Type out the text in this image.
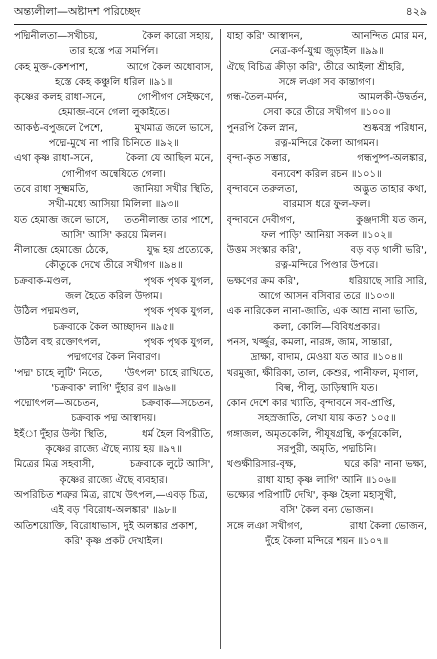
অন্ত্যলীলা—অষ্টাদশ পরিচ্ছেদ	৪২৯
পদ্মিনীলতা—সখীচয়,	কৈল কারো সহায়,
তার হস্তে পত্র সমর্পিল।
কেহ মুক্ত-কেশপাশ,	আগে কৈল অধোবাস,
হস্তে কেহ কঞ্চুলি ধরিল ॥৯১॥
কৃষ্ণের কলহ রাধা-সনে,	গোপীগণ সেইক্ষণে,
হেমাব্জ-বনে গেলা লুকাইতে।
আকণ্ঠ-বপুজলে পৈশে,	মুখমাত্র জলে ভাসে,
পদ্মে-মুখে না পারি চিনিতে ॥৯২॥
এথা কৃষ্ণ রাধা-সনে,	কৈলা যে আছিল মনে,
গোপীগণ অন্বেষিতে গেলা।
তবে রাধা সূক্ষ্মমতি,	জানিয়া সখীর স্থিতি,
সখী-মধ্যে আসিয়া মিলিলা ॥৯৩॥
যত হেমাব্জ জলে ভাসে, ততনীলাব্জ তার পাশে,
আসি' আসি' করয়ে মিলন।
নীলাব্জে হেমাব্জে ঠেকে,	যুদ্ধ হয় প্রত্যেকে,
কৌতুকে দেখে তীরে সখীগণ ॥৯৪॥
চক্রবাক-মণ্ডল,	পৃথক পৃথক যুগল,
জল হৈতে করিল উদ্গম।
উঠিল পদ্মমণ্ডল,	পৃথক পৃথক যুগল,
চক্রবাকে কৈল আচ্ছাদন ॥৯৫॥
উঠিল বহু রক্তোৎপল,	পৃথক পৃথক যুগল,
পদ্মগণের কৈল নিবারণ।
'পদ্ম' চাহে লুটি' নিতে, 'উৎপল' চাহে রাখিতে,
'চক্রবাক' লাগি' দুঁহার রণ ॥৯৬॥
পদ্মোৎপল—অচেতন,	চক্রবাক—সচেতন,
চক্রবাক পদ্ম আস্বাদয়।
ইহঁা দুঁহার উল্টা স্থিতি,	ধর্ম হৈল বিপরীতি,
কৃষ্ণের রাজ্যে ঐছে ন্যায় হয় ॥৯৭॥
মিত্রের মিত্র সহবাসী,	চক্রবাকে লুটে আসি',
কৃষ্ণের রাজ্যে ঐছে ব্যবহার।
অপরিচিত শত্রুর মিত্র, রাখে উৎপল,—এবড় চিত্র,
এই বড় 'বিরোধ-অলঙ্কার' ॥৯৮॥
অতিশয়োক্তি, বিরোধাভাস, দুই অলঙ্কার প্রকাশ,
করি' কৃষ্ণ প্রকট দেখাইল।
যাহা করি' আস্বাদন,	আনন্দিত মোর মন,
নেত্র-কর্ণ-যুগ্ম জুড়াইল ॥৯৯॥
ঐছে বিচিত্র ক্রীড়া করি', তীরে আইলা শ্রীহরি,
সঙ্গে লঞা সব কান্তাগণ।
গন্ধ-তৈল-মর্দন,	আমলকী-উদ্বর্তন,
সেবা করে তীরে সখীগণ ॥১০০॥
পুনরপি কৈল স্নান,	শুষ্কবস্ত্র পরিধান,
রত্ন-মন্দিরে কৈলা আগমন।
বৃন্দা-কৃত সম্ভার,	গন্ধপুষ্প-অলঙ্কার,
বন্যবেশ করিল রচন ॥১০১॥
বৃন্দাবনে তরুলতা,	অদ্ভুত তাহার কথা,
বারমাস ধরে ফুল-ফল।
বৃন্দাবনে দেবীগণ,	কুঞ্জদাসী যত জন,
ফল পাড়ি' আনিয়া সকল ॥১০২॥
উত্তম সংস্কার করি',	বড় বড় থালী ভরি',
রত্ন-মন্দিরে পিণ্ডার উপরে।
ভক্ষণের ক্রম করি',	ধরিয়াছে সারি সারি,
আগে আসন বসিবার তরে ॥১০৩॥
এক নারিকেল নানা-জাতি, এক আম্র নানা ভাতি,
কলা, কোলি—বিবিধপ্রকার।
পনস, খর্জ্জুর, কমলা, নারঙ্গ, জাম, সান্তারা,
দ্রাক্ষা, বাদাম, মেওয়া যত আর ॥১০৪॥
খরমুজা, ক্ষীরিকা, তাল, কেশুর, পানীফল, মৃণাল,
বিল্ব, পীলু, ডাড়িম্বাদি যত।
কোন দেশে কার খ্যাতি, বৃন্দাবনে সব-প্রাপ্তি,
সহস্রজাতি, লেখা যায় কত? ১০৫॥
গঙ্গাজল, অমৃতকেলি, পীযূষগ্রন্থি, কর্পূরকেলি,
সরপুরী, অমৃতি, পদ্মচিনি।
খণ্ডক্ষীরিসার-বৃক্ষ,	ঘরে করি' নানা ভক্ষ্য,
রাধা যাহা কৃষ্ণ লাগি' আনি ॥১০৬॥
ভক্ষ্যের পরিপাটি দেখি', কৃষ্ণ হৈলা মহাসুখী,
বসি' কৈল বন্য ভোজন।
সঙ্গে লঞা সখীগণ,	রাধা কৈলা ভোজন,
দুঁহে কৈলা মন্দিরে শয়ন ॥১০৭॥
